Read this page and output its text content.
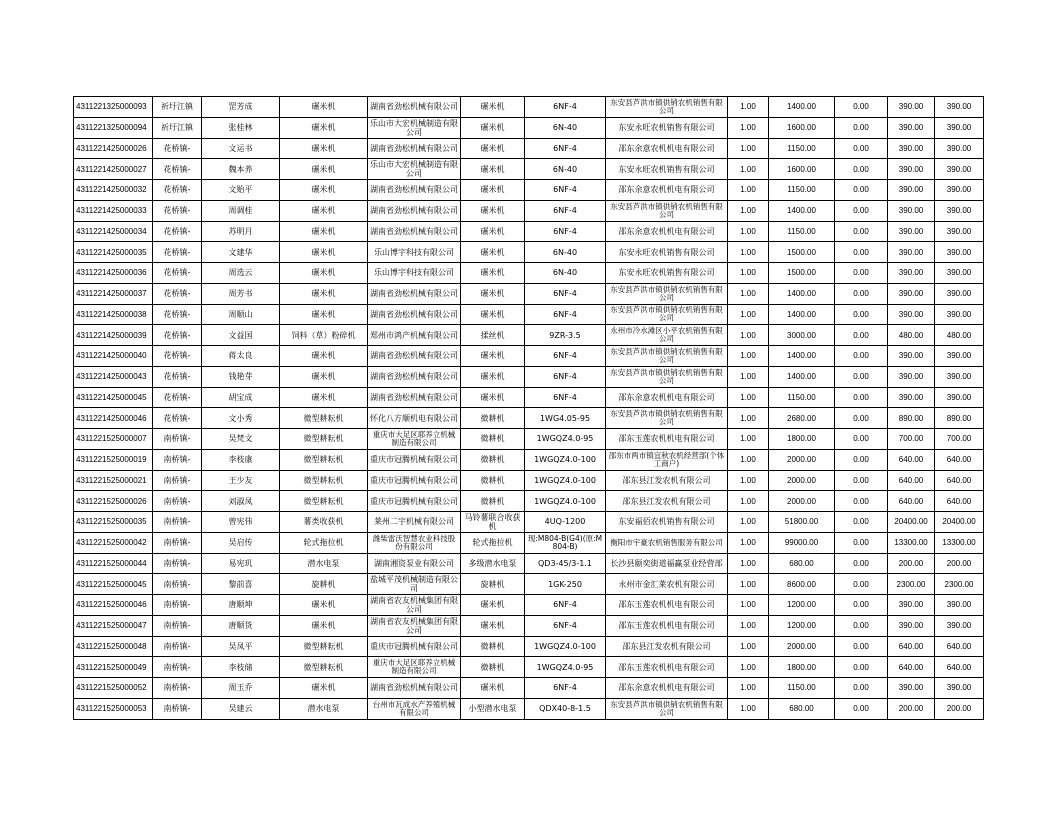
4311221325000093	祈圩江镇	罡芳成	碾米机	湖南省劲松机械有限公司	碾米机	6NF-4	东安县芦洪市镇供销农机销售有限公司	1.00	1400.00	0.00	390.00	390.00
4311221325000094	祈圩江镇	张桂林	碾米机	乐山市大宏机械制造有限公司	碾米机	6N-40	东安永旺农机销售有限公司	1.00	1600.00	0.00	390.00	390.00
4311221425000026	花桥镇-	文运书	碾米机	湖南省劲松机械有限公司	碾米机	6NF-4	邵东余意农机机电有限公司	1.00	1150.00	0.00	390.00	390.00
4311221425000027	花桥镇-	魏本养	碾米机	乐山市大宏机械制造有限公司	碾米机	6N-40	东安永旺农机销售有限公司	1.00	1600.00	0.00	390.00	390.00
4311221425000032	花桥镇-	文贻平	碾米机	湖南省劲松机械有限公司	碾米机	6NF-4	邵东余意农机机电有限公司	1.00	1150.00	0.00	390.00	390.00
4311221425000033	花桥镇-	周调桂	碾米机	湖南省劲松机械有限公司	碾米机	6NF-4	东安县芦洪市镇供销农机销售有限公司	1.00	1400.00	0.00	390.00	390.00
4311221425000034	花桥镇-	苏明月	碾米机	湖南省劲松机械有限公司	碾米机	6NF-4	邵东余意农机机电有限公司	1.00	1150.00	0.00	390.00	390.00
4311221425000035	花桥镇-	文建华	碾米机	乐山博宇科技有限公司	碾米机	6N-40	东安永旺农机销售有限公司	1.00	1500.00	0.00	390.00	390.00
4311221425000036	花桥镇-	周选云	碾米机	乐山博宇科技有限公司	碾米机	6N-40	东安永旺农机销售有限公司	1.00	1500.00	0.00	390.00	390.00
4311221425000037	花桥镇-	周芳书	碾米机	湖南省劲松机械有限公司	碾米机	6NF-4	东安县芦洪市镇供销农机销售有限公司	1.00	1400.00	0.00	390.00	390.00
4311221425000038	花桥镇-	周顺山	碾米机	湖南省劲松机械有限公司	碾米机	6NF-4	东安县芦洪市镇供销农机销售有限公司	1.00	1400.00	0.00	390.00	390.00
4311221425000039	花桥镇-	文益国	饲料（草）粉碎机	郑州市鸿产机械有限公司	揉丝机	9ZR-3.5	永州市冷水滩区小平农机销售有限公司	1.00	3000.00	0.00	480.00	480.00
4311221425000040	花桥镇-	蒋太良	碾米机	湖南省劲松机械有限公司	碾米机	6NF-4	东安县芦洪市镇供销农机销售有限公司	1.00	1400.00	0.00	390.00	390.00
4311221425000043	花桥镇-	钱艳芽	碾米机	湖南省劲松机械有限公司	碾米机	6NF-4	东安县芦洪市镇供销农机销售有限公司	1.00	1400.00	0.00	390.00	390.00
4311221425000045	花桥镇-	胡宝成	碾米机	湖南省劲松机械有限公司	碾米机	6NF-4	邵东余意农机机电有限公司	1.00	1150.00	0.00	390.00	390.00
4311221425000046	花桥镇-	文小秀	微型耕耘机	怀化八方顺机电有限公司	微耕机	1WG4.05-95	东安县芦洪市镇供销农机销售有限公司	1.00	2680.00	0.00	890.00	890.00
4311221525000007	南桥镇-	吴梵文	微型耕耘机	重庆市大足区耶养立机械制造有限公司	微耕机	1WGQZ4.0-95	邵东玉莲农机机电有限公司	1.00	1800.00	0.00	700.00	700.00
4311221525000019	南桥镇-	李枝康	微型耕耘机	重庆市冠腾机械有限公司	微耕机	1WGQZ4.0-100	邵东市两市镇宜秋农机经营部(个体工商户)	1.00	2000.00	0.00	640.00	640.00
4311221525000021	南桥镇-	王少友	微型耕耘机	重庆市冠腾机械有限公司	微耕机	1WGQZ4.0-100	邵东县江发农机有限公司	1.00	2000.00	0.00	640.00	640.00
4311221525000026	南桥镇-	刘淑凤	微型耕耘机	重庆市冠腾机械有限公司	微耕机	1WGQZ4.0-100	邵东县江发农机有限公司	1.00	2000.00	0.00	640.00	640.00
4311221525000035	南桥镇-	曾宪伟	薯类收获机	莱州二宇机械有限公司	马铃薯联合收获机	4UQ-1200	东安福佰农机销售有限公司	1.00	51800.00	0.00	20400.00	20400.00
4311221525000042	南桥镇-	吴启传	轮式拖拉机	潍柴雷沃智慧农业科技股份有限公司	轮式拖拉机	现:M804-B(G4)(原:M804-B)	衡阳市宇豪农机销售服务有限公司	1.00	99000.00	0.00	13300.00	13300.00
4311221525000044	南桥镇-	易宪玑	潜水电泵	湖南湘资泵业有限公司	多级潜水电泵	QD3-45/3-1.1	长沙县颐奕街道福赢泵业经营部	1.00	680.00	0.00	200.00	200.00
4311221525000045	南桥镇-	黎前喜	旋耕机	盐城平茂机械制造有限公司	旋耕机	1GK-250	永州市金汇莱农机有限公司	1.00	8600.00	0.00	2300.00	2300.00
4311221525000046	南桥镇-	唐顺坤	碾米机	湖南省农友机械集团有限公司	碾米机	6NF-4	邵东玉莲农机机电有限公司	1.00	1200.00	0.00	390.00	390.00
4311221525000047	南桥镇-	唐顺货	碾米机	湖南省农友机械集团有限公司	碾米机	6NF-4	邵东玉莲农机机电有限公司	1.00	1200.00	0.00	390.00	390.00
4311221525000048	南桥镇-	吴凤平	微型耕耘机	重庆市冠腾机械有限公司	微耕机	1WGQZ4.0-100	邵东县江发农机有限公司	1.00	2000.00	0.00	640.00	640.00
4311221525000049	南桥镇-	李枝储	微型耕耘机	重庆市大足区耶养立机械制造有限公司	微耕机	1WGQZ4.0-95	邵东玉莲农机机电有限公司	1.00	1800.00	0.00	640.00	640.00
4311221525000052	南桥镇-	周玉乔	碾米机	湖南省劲松机械有限公司	碾米机	6NF-4	邵东余意农机机电有限公司	1.00	1150.00	0.00	390.00	390.00
4311221525000053	南桥镇-	吴建云	潜水电泵	台州市瓦成水产养殖机械有限公司	小型潜水电泵	QDX40-8-1.5	东安县芦洪市镇供销农机销售有限公司	1.00	680.00	0.00	200.00	200.00
